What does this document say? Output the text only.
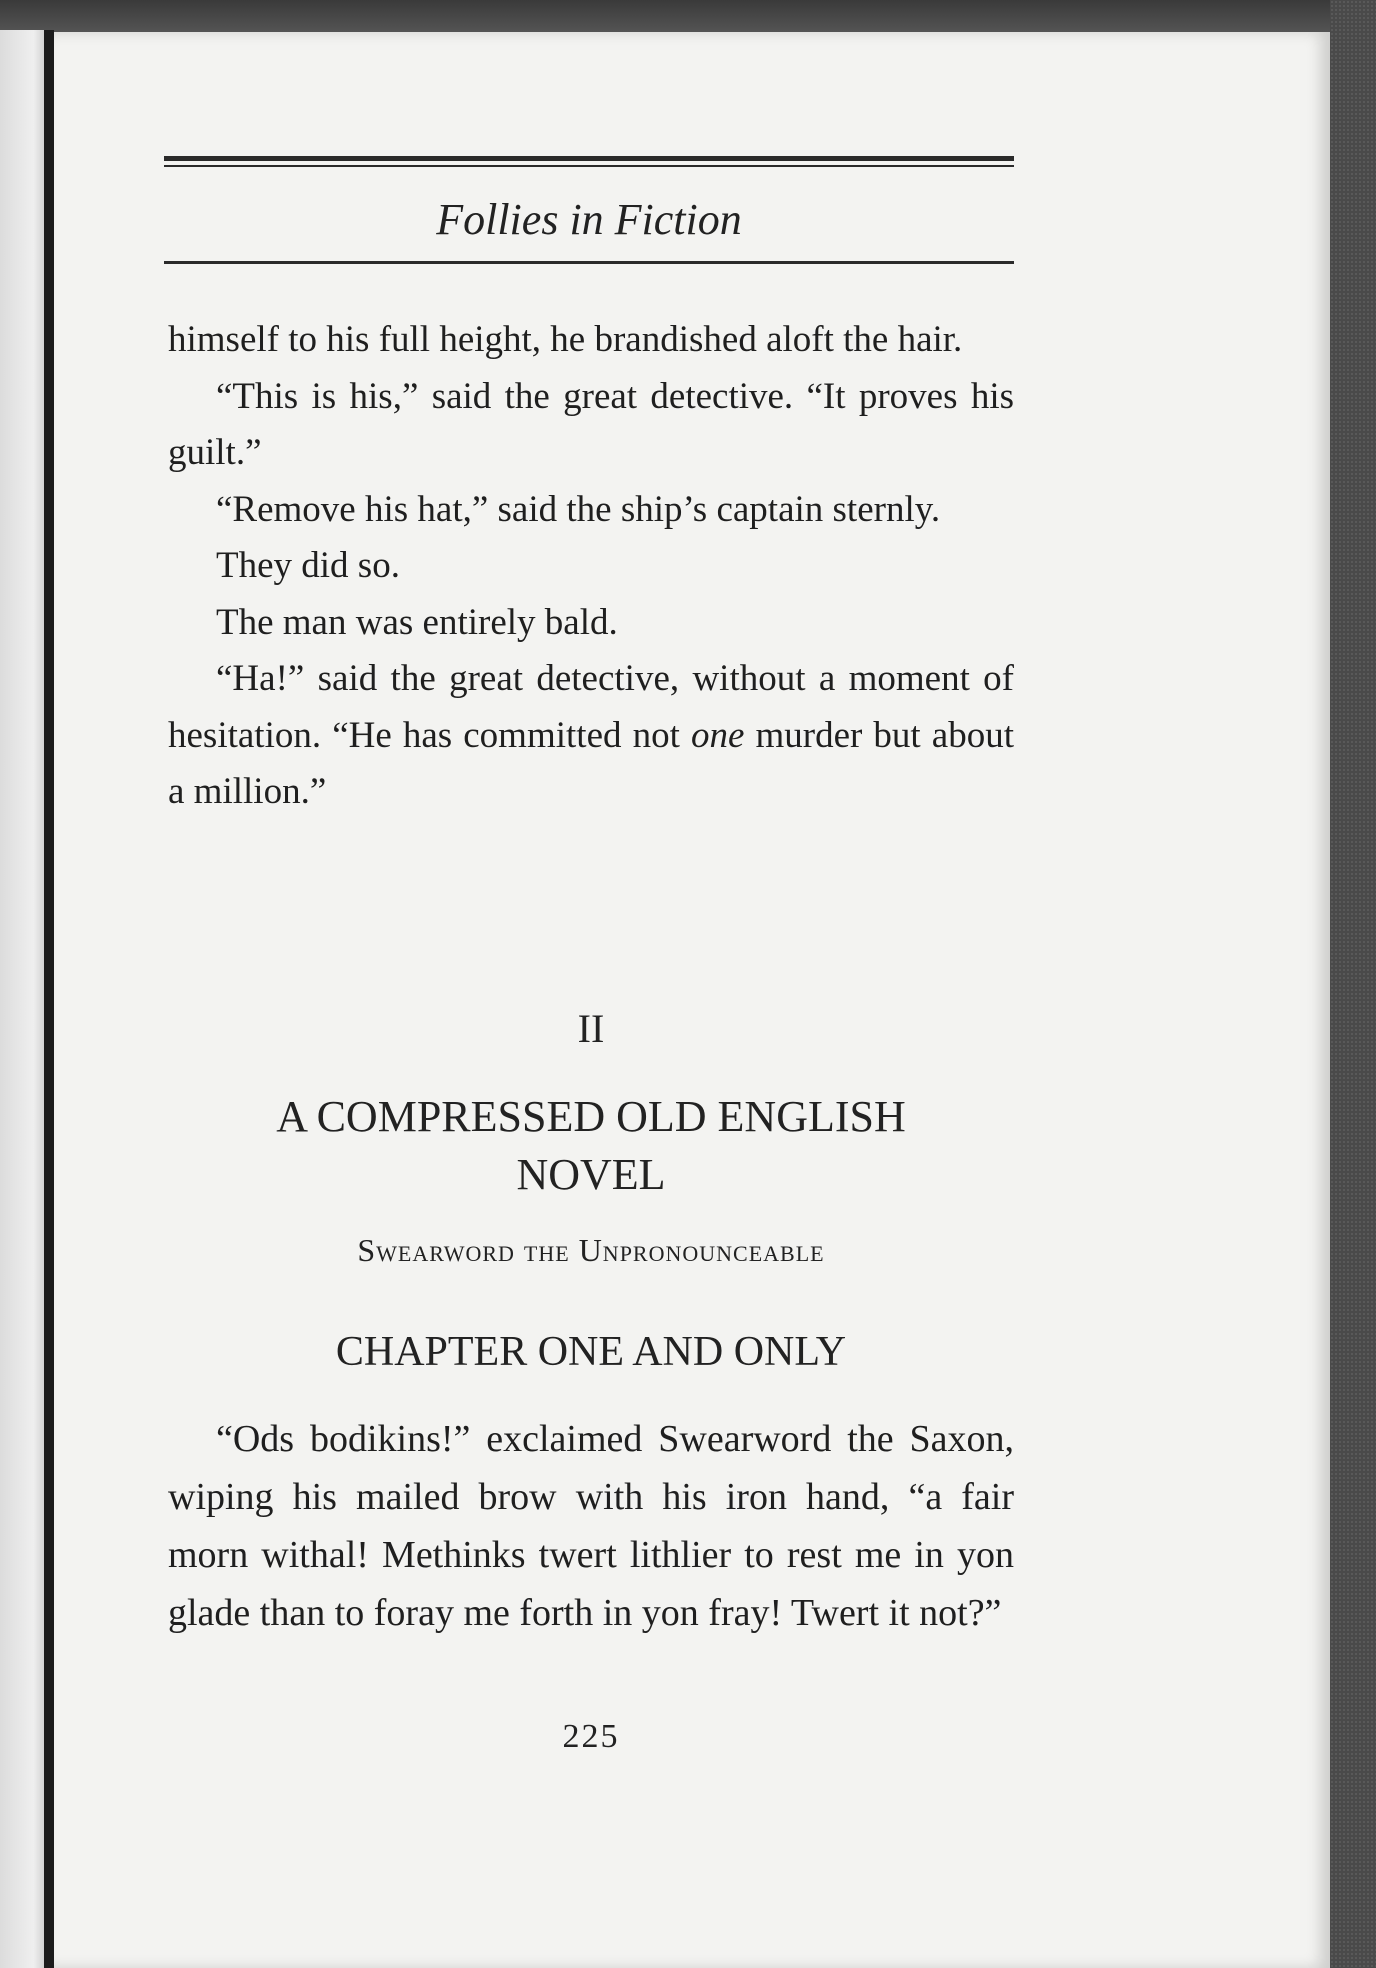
Follies in Fiction

himself to his full height, he brandished aloft the hair.

“This is his,” said the great detective. “It proves his guilt.”

“Remove his hat,” said the ship’s captain sternly.

They did so.

The man was entirely bald.

“Ha!” said the great detective, without a moment of hesitation. “He has committed not one murder but about a million.”

II
A COMPRESSED OLD ENGLISH
NOVEL
Swearword the Unpronounceable
CHAPTER ONE AND ONLY

“Ods bodikins!” exclaimed Swearword the Saxon, wiping his mailed brow with his iron hand, “a fair morn withal! Methinks twert lithlier to rest me in yon glade than to foray me forth in yon fray! Twert it not?”

225
